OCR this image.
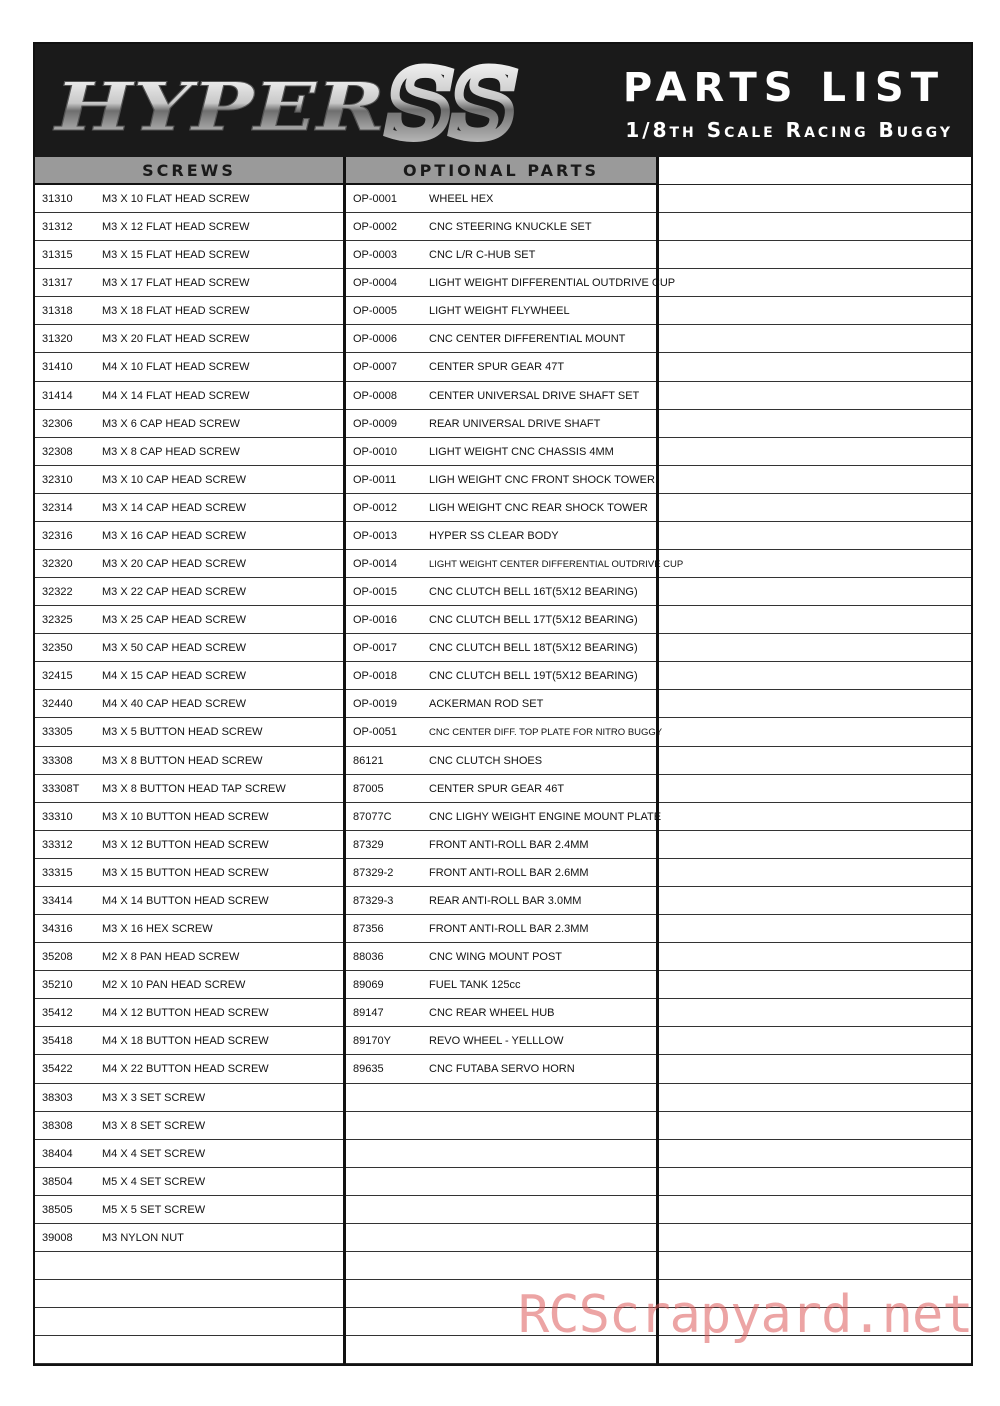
HYPER SS	PARTS LIST
1/8th Scale Racing Buggy
SCREWS
31310	M3 X 10 FLAT HEAD SCREW
31312	M3 X 12 FLAT HEAD SCREW
31315	M3 X 15 FLAT HEAD SCREW
31317	M3 X 17 FLAT HEAD SCREW
31318	M3 X 18 FLAT HEAD SCREW
31320	M3 X 20 FLAT HEAD SCREW
31410	M4 X 10 FLAT HEAD SCREW
31414	M4 X 14 FLAT HEAD SCREW
32306	M3 X 6 CAP HEAD SCREW
32308	M3 X 8 CAP HEAD SCREW
32310	M3 X 10 CAP HEAD SCREW
32314	M3 X 14 CAP HEAD SCREW
32316	M3 X 16 CAP HEAD SCREW
32320	M3 X 20 CAP HEAD SCREW
32322	M3 X 22 CAP HEAD SCREW
32325	M3 X 25 CAP HEAD SCREW
32350	M3 X 50 CAP HEAD SCREW
32415	M4 X 15 CAP HEAD SCREW
32440	M4 X 40 CAP HEAD SCREW
33305	M3 X 5 BUTTON HEAD SCREW
33308	M3 X 8 BUTTON HEAD SCREW
33308T M3 X 8 BUTTON HEAD TAP SCREW
33310	M3 X 10 BUTTON HEAD SCREW
33312	M3 X 12 BUTTON HEAD SCREW
33315	M3 X 15 BUTTON HEAD SCREW
33414	M4 X 14 BUTTON HEAD SCREW
34316	M3 X 16 HEX SCREW
35208	M2 X 8 PAN HEAD SCREW
35210	M2 X 10 PAN HEAD SCREW
35412	M4 X 12 BUTTON HEAD SCREW
35418	M4 X 18 BUTTON HEAD SCREW
35422	M4 X 22 BUTTON HEAD SCREW
38303	M3 X 3 SET SCREW
38308	M3 X 8 SET SCREW
38404	M4 X 4 SET SCREW
38504	M5 X 4 SET SCREW
38505	M5 X 5 SET SCREW
39008	M3 NYLON NUT
OPTIONAL PARTS
OP-0001	WHEEL HEX
OP-0002	CNC STEERING KNUCKLE SET
OP-0003	CNC L/R C-HUB SET
OP-0004	LIGHT WEIGHT DIFFERENTIAL OUTDRIVE CUP
OP-0005	LIGHT WEIGHT FLYWHEEL
OP-0006	CNC CENTER DIFFERENTIAL MOUNT
OP-0007	CENTER SPUR GEAR 47T
OP-0008	CENTER UNIVERSAL DRIVE SHAFT SET
OP-0009	REAR UNIVERSAL DRIVE SHAFT
OP-0010	LIGHT WEIGHT CNC CHASSIS 4MM
OP-0011	LIGH WEIGHT CNC FRONT SHOCK TOWER
OP-0012	LIGH WEIGHT CNC REAR SHOCK TOWER
OP-0013	HYPER SS CLEAR BODY
OP-0014	LIGHT WEIGHT CENTER DIFFERENTIAL OUTDRIVE CUP
OP-0015	CNC CLUTCH BELL 16T(5X12 BEARING)
OP-0016	CNC CLUTCH BELL 17T(5X12 BEARING)
OP-0017	CNC CLUTCH BELL 18T(5X12 BEARING)
OP-0018	CNC CLUTCH BELL 19T(5X12 BEARING)
OP-0019	ACKERMAN ROD SET
OP-0051	CNC CENTER DIFF. TOP PLATE FOR NITRO BUGGY
86121	CNC CLUTCH SHOES
87005	CENTER SPUR GEAR 46T
87077C	CNC LIGHY WEIGHT ENGINE MOUNT PLATE
87329	FRONT ANTI-ROLL BAR 2.4MM
87329-2	FRONT ANTI-ROLL BAR 2.6MM
87329-3	REAR ANTI-ROLL BAR 3.0MM
87356	FRONT ANTI-ROLL BAR 2.3MM
88036	CNC WING MOUNT POST
89069	FUEL TANK 125cc
89147	CNC REAR WHEEL HUB
89170Y	REVO WHEEL - YELLLOW
89635	CNC FUTABA SERVO HORN
RCScrapyard.net
